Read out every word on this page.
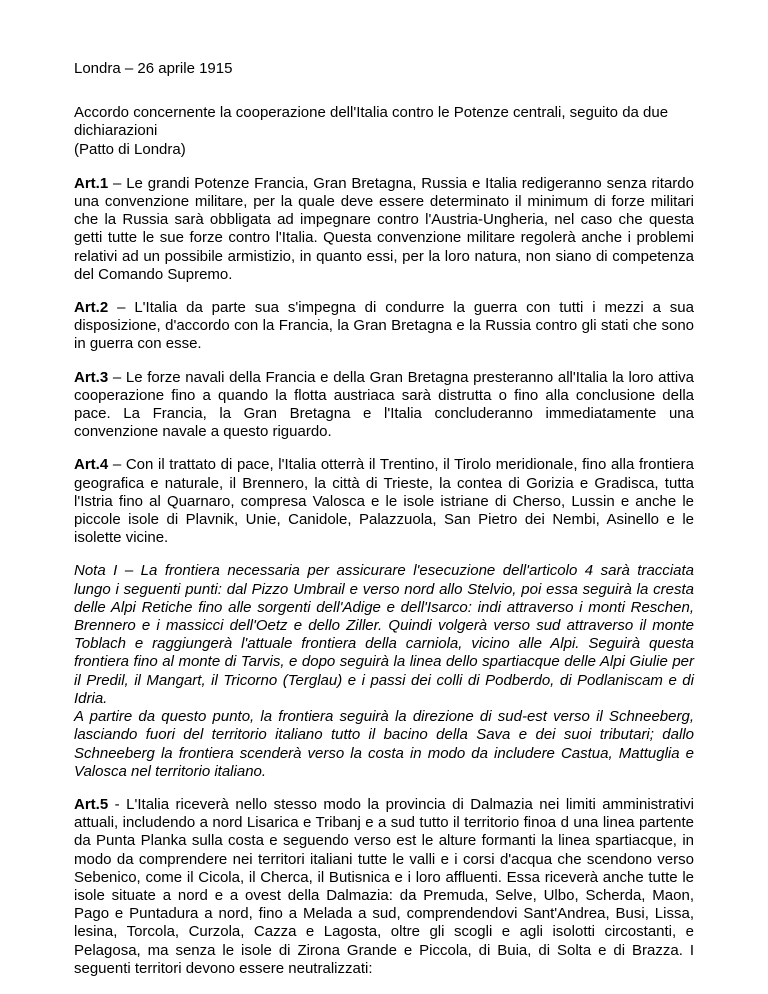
Londra – 26 aprile 1915
Accordo concernente la cooperazione dell'Italia contro le Potenze centrali, seguito da due dichiarazioni
(Patto di Londra)

Art.1 – Le grandi Potenze Francia, Gran Bretagna, Russia e Italia redigeranno senza ritardo una convenzione militare, per la quale deve essere determinato il minimum di forze militari che la Russia sarà obbligata ad impegnare contro l'Austria-Ungheria, nel caso che questa getti tutte le sue forze contro l'Italia. Questa convenzione militare regolerà anche i problemi relativi ad un possibile armistizio, in quanto essi, per la loro natura, non siano di competenza del Comando Supremo.

Art.2 – L'Italia da parte sua s'impegna di condurre la guerra con tutti i mezzi a sua disposizione, d'accordo con la Francia, la Gran Bretagna e la Russia contro gli stati che sono in guerra con esse.

Art.3 – Le forze navali della Francia e della Gran Bretagna presteranno all'Italia la loro attiva cooperazione fino a quando la flotta austriaca sarà distrutta o fino alla conclusione della pace. La Francia, la Gran Bretagna e l'Italia concluderanno immediatamente una convenzione navale a questo riguardo.

Art.4 – Con il trattato di pace, l'Italia otterrà il Trentino, il Tirolo meridionale, fino alla frontiera geografica e naturale, il Brennero, la città di Trieste, la contea di Gorizia e Gradisca, tutta l'Istria fino al Quarnaro, compresa Valosca e le isole istriane di Cherso, Lussin e anche le piccole isole di Plavnik, Unie, Canidole, Palazzuola, San Pietro dei Nembi, Asinello e le isolette vicine.

Nota I – La frontiera necessaria per assicurare l'esecuzione dell'articolo 4 sarà tracciata lungo i seguenti punti: dal Pizzo Umbrail e verso nord allo Stelvio, poi essa seguirà la cresta delle Alpi Retiche fino alle sorgenti dell'Adige e dell'Isarco: indi attraverso i monti Reschen, Brennero e i massicci dell'Oetz e dello Ziller. Quindi volgerà verso sud attraverso il monte Toblach e raggiungerà l'attuale frontiera della carniola, vicino alle Alpi. Seguirà questa frontiera fino al monte di Tarvis, e dopo seguirà la linea dello spartiacque delle Alpi Giulie per il Predil, il Mangart, il Tricorno (Terglau) e i passi dei colli di Podberdo, di Podlaniscam e di Idria.
A partire da questo punto, la frontiera seguirà la direzione di sud-est verso il Schneeberg, lasciando fuori del territorio italiano tutto il bacino della Sava e dei suoi tributari; dallo Schneeberg la frontiera scenderà verso la costa in modo da includere Castua, Mattuglia e Valosca nel territorio italiano.

Art.5 - L'Italia riceverà nello stesso modo la provincia di Dalmazia nei limiti amministrativi attuali, includendo a nord Lisarica e Tribanj e a sud tutto il territorio finoa d una linea partente da Punta Planka sulla costa e seguendo verso est le alture formanti la linea spartiacque, in modo da comprendere nei territori italiani tutte le valli e i corsi d'acqua che scendono verso Sebenico, come il Cicola, il Cherca, il Butisnica e i loro affluenti. Essa riceverà anche tutte le isole situate a nord e a ovest della Dalmazia: da Premuda, Selve, Ulbo, Scherda, Maon, Pago e Puntadura a nord, fino a Melada a sud, comprendendovi Sant'Andrea, Busi, Lissa, lesina, Torcola, Curzola, Cazza e Lagosta, oltre gli scogli e agli isolotti circostanti, e Pelagosa, ma senza le isole di Zirona Grande e Piccola, di Buia, di Solta e di Brazza. I seguenti territori devono essere neutralizzati:
